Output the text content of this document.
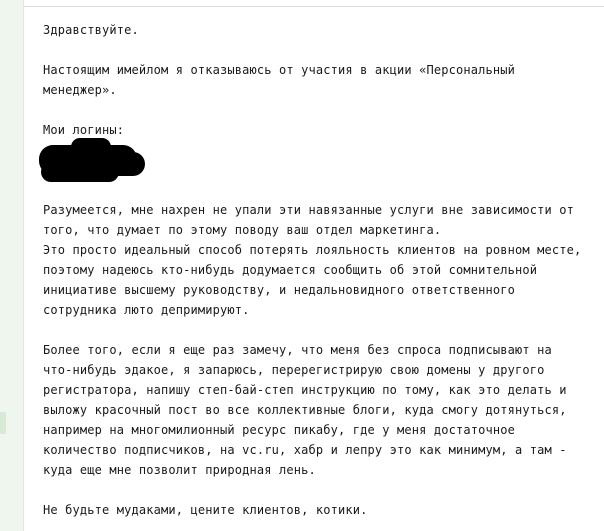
Здравствуйте.
Настоящим имейлом я отказываюсь от участия в акции «Персональный
менеджер».
Мои логины:
Разумеется, мне нахрен не упали эти навязанные услуги вне зависимости от
того, что думает по этому поводу ваш отдел маркетинга.
Это просто идеальный способ потерять лояльность клиентов на ровном месте,
поэтому надеюсь кто-нибудь додумается сообщить об этой сомнительной
инициативе высшему руководству, и недальновидного ответственного
сотрудника люто депримируют.
Более того, если я еще раз замечу, что меня без спроса подписывают на
что-нибудь эдакое, я запарюсь, перерегистрирую свою домены у другого
регистратора, напишу степ-бай-степ инструкцию по тому, как это делать и
выложу красочный пост во все коллективные блоги, куда смогу дотянуться,
например на многомилионный ресурс пикабу, где у меня достаточное
количество подписчиков, на vc.ru, хабр и лепру это как минимум, а там -
куда еще мне позволит природная лень.
Не будьте мудаками, цените клиентов, котики.
